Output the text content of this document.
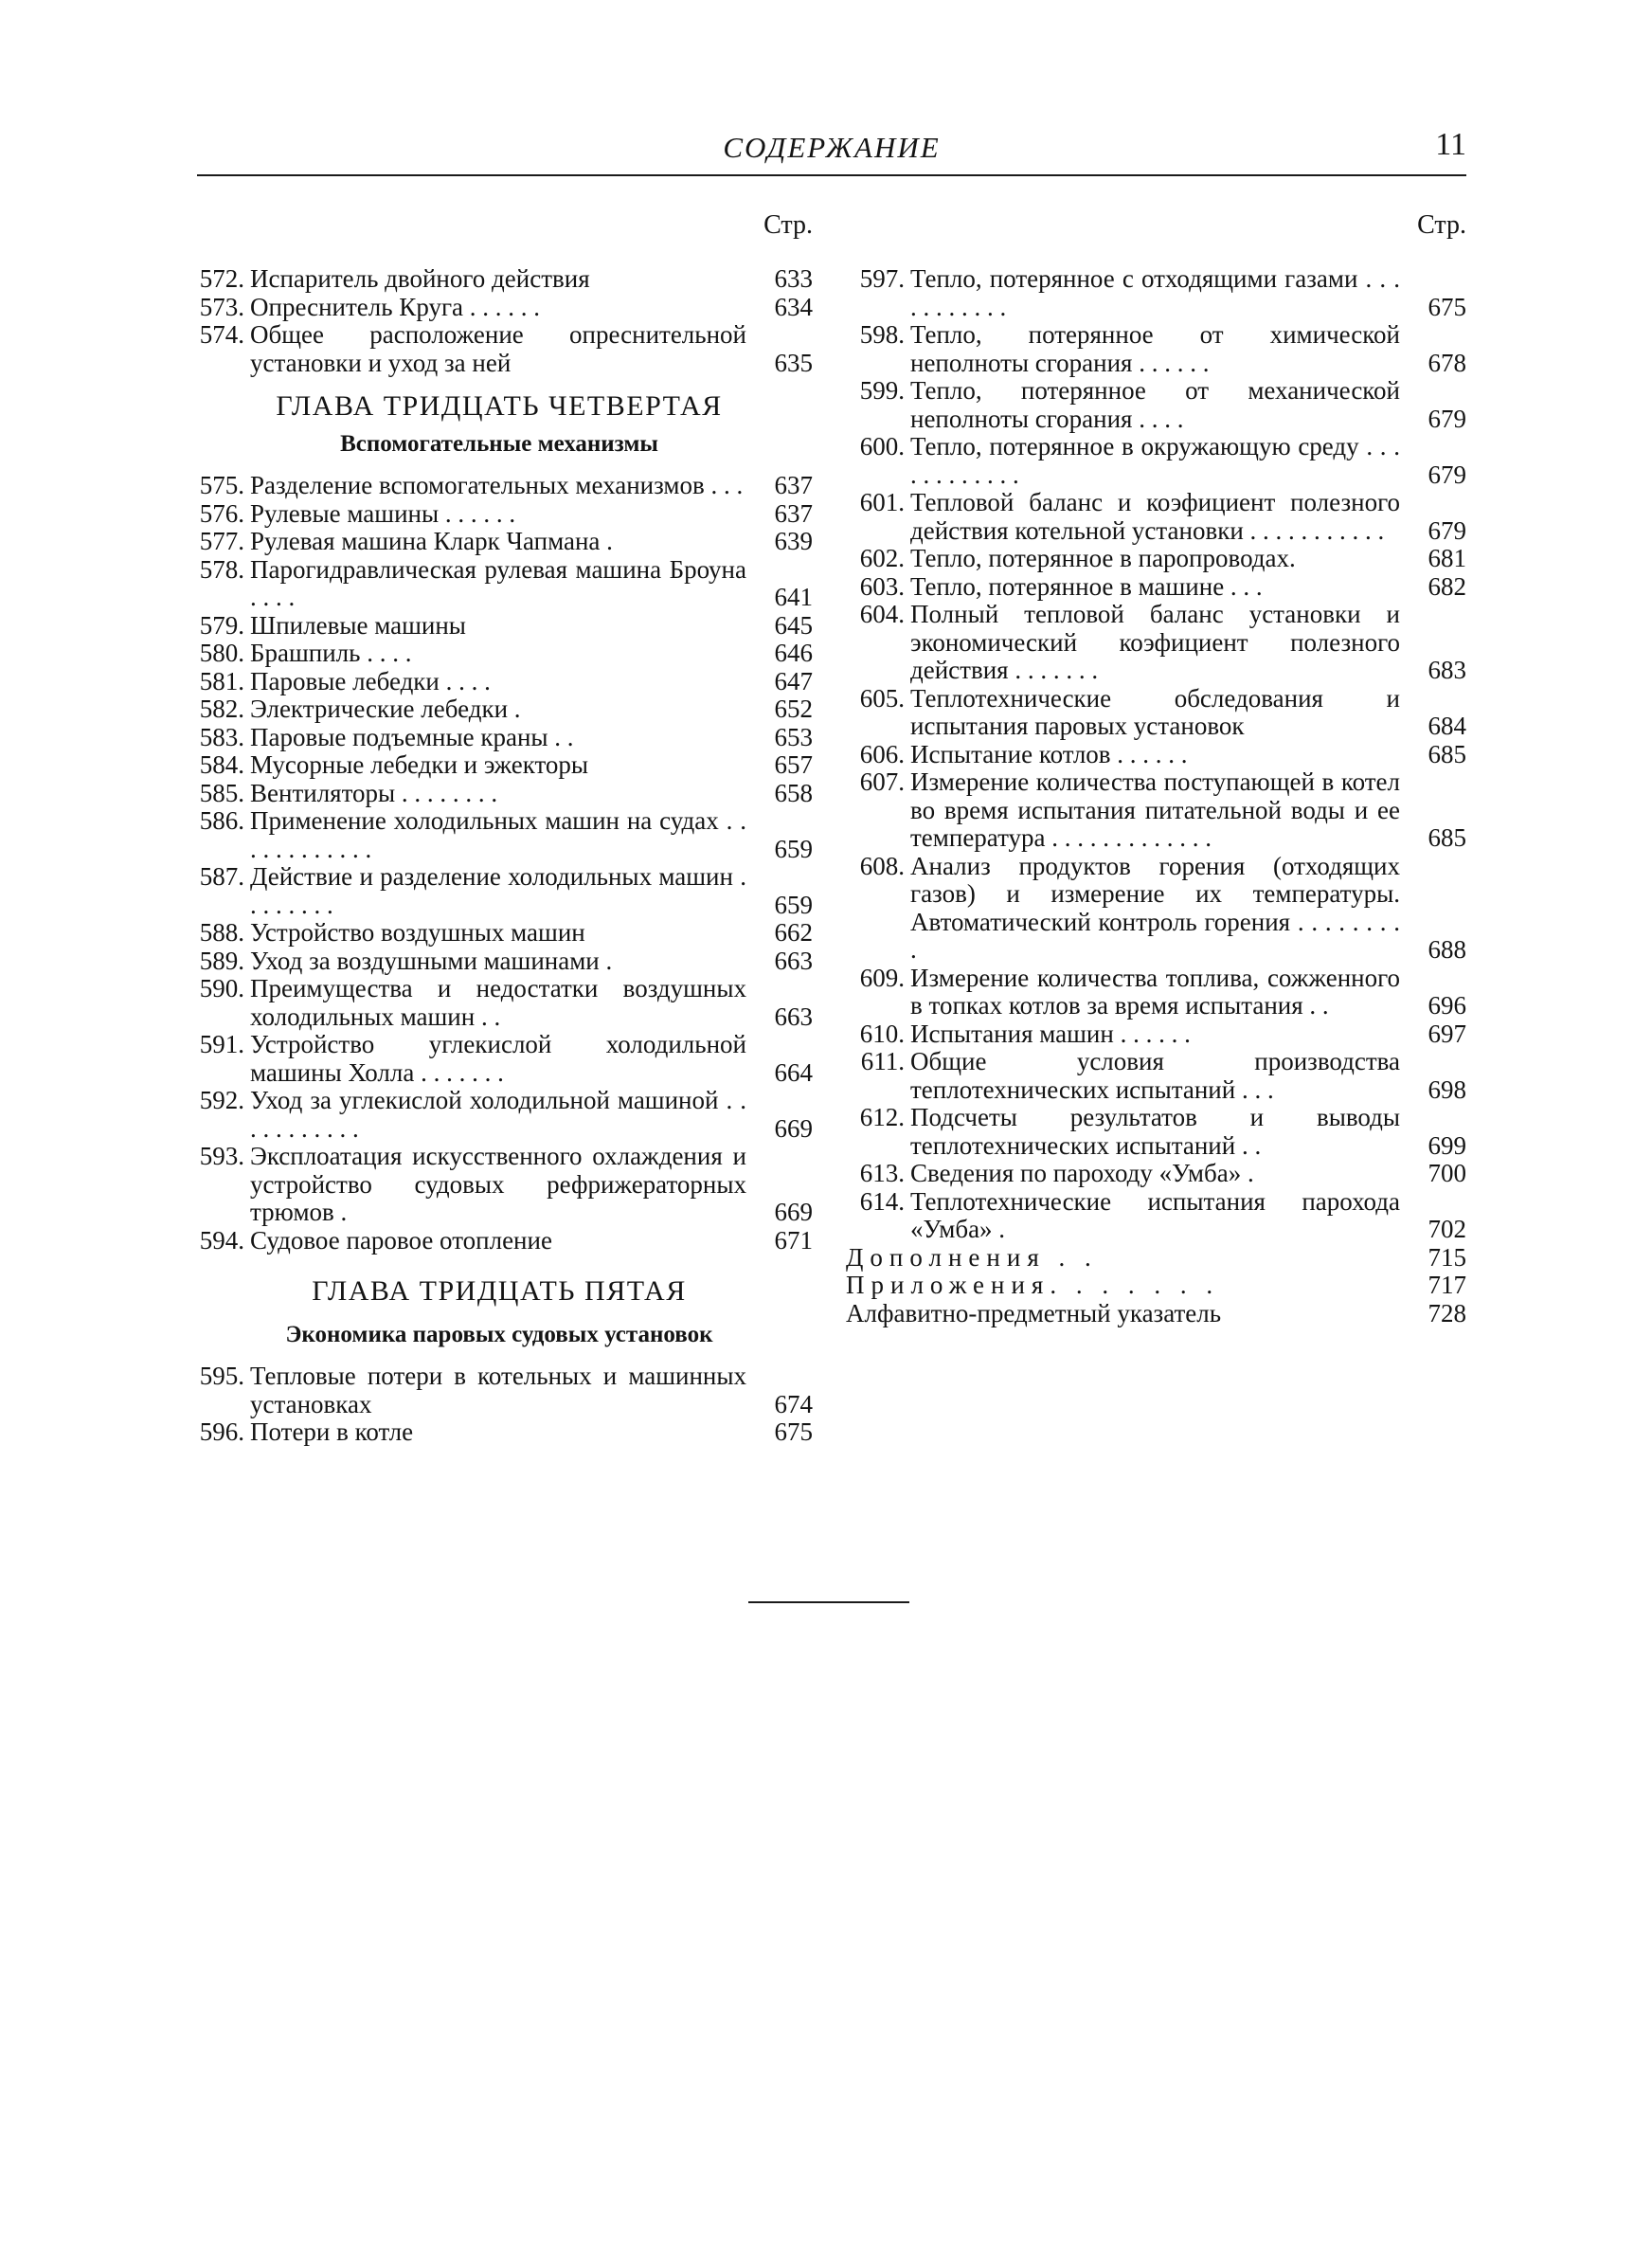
СОДЕРЖАНИЕ	11
Стр.
572. Испаритель двойного действия	633
573. Опреснитель Круга . . . . . .	634
574. Общее расположение опреснительной установки и уход за ней	635
ГЛАВА ТРИДЦАТЬ ЧЕТВЕРТАЯ
Вспомогательные механизмы
575. Разделение вспомогательных механизмов . . .	637
576. Рулевые машины . . . . . .	637
577. Рулевая машина Кларк Чапмана .	639
578. Парогидравлическая рулевая машина Броуна . . . .	641
579. Шпилевые машины	645
580. Брашпиль . . . .	646
581. Паровые лебедки . . . .	647
582. Электрические лебедки .	652
583. Паровые подъемные краны . .	653
584. Мусорные лебедки и эжекторы	657
585. Вентиляторы . . . . . . . .	658
586. Применение холодильных машин на судах . . . . . . . . . . . .	659
587. Действие и разделение холодильных машин . . . . . . . .	659
588. Устройство воздушных машин	662
589. Уход за воздушными машинами .	663
590. Преимущества и недостатки воздушных холодильных машин . .	663
591. Устройство углекислой холодильной машины Холла . . . . . . .	664
592. Уход за углекислой холодильной машиной . . . . . . . . . . .	669
593. Эксплоатация искусственного охлаждения и устройство судовых рефрижераторных трюмов .	669
594. Судовое паровое отопление	671
ГЛАВА ТРИДЦАТЬ ПЯТАЯ
Экономика паровых судовых установок
595. Тепловые потери в котельных и машинных установках	674
596. Потери в котле	675
Стр.
597. Тепло, потерянное с отходящими газами . . . . . . . . . . .	675
598. Тепло, потерянное от химической неполноты сгорания . . . . . .	678
599. Тепло, потерянное от механической неполноты сгорания . . . .	679
600. Тепло, потерянное в окружающую среду . . . . . . . . . . . .	679
601. Тепловой баланс и коэфициент полезного действия котельной установки . . . . . . . . . . .	679
602. Тепло, потерянное в паропроводах.	681
603. Тепло, потерянное в машине . . .	682
604. Полный тепловой баланс установки и экономический коэфициент полезного действия . . . . . . .	683
605. Теплотехнические обследования и испытания паровых установок	684
606. Испытание котлов . . . . . .	685
607. Измерение количества поступающей в котел во время испытания питательной воды и ее температура . . . . . . . . . . . . .	685
608. Анализ продуктов горения (отходящих газов) и измерение их температуры. Автоматический контроль горения . . . . . . . . .	688
609. Измерение количества топлива, сожженного в топках котлов за время испытания . .	696
610. Испытания машин . . . . . .	697
611. Общие условия производства теплотехнических испытаний . . .	698
612. Подсчеты результатов и выводы теплотехнических испытаний . .	699
613. Сведения по пароходу «Умба» .	700
614. Теплотехнические испытания парохода «Умба» .	702
Дополнения . .	715
Приложения. . . . . . .	717
Алфавитно-предметный указатель	728
